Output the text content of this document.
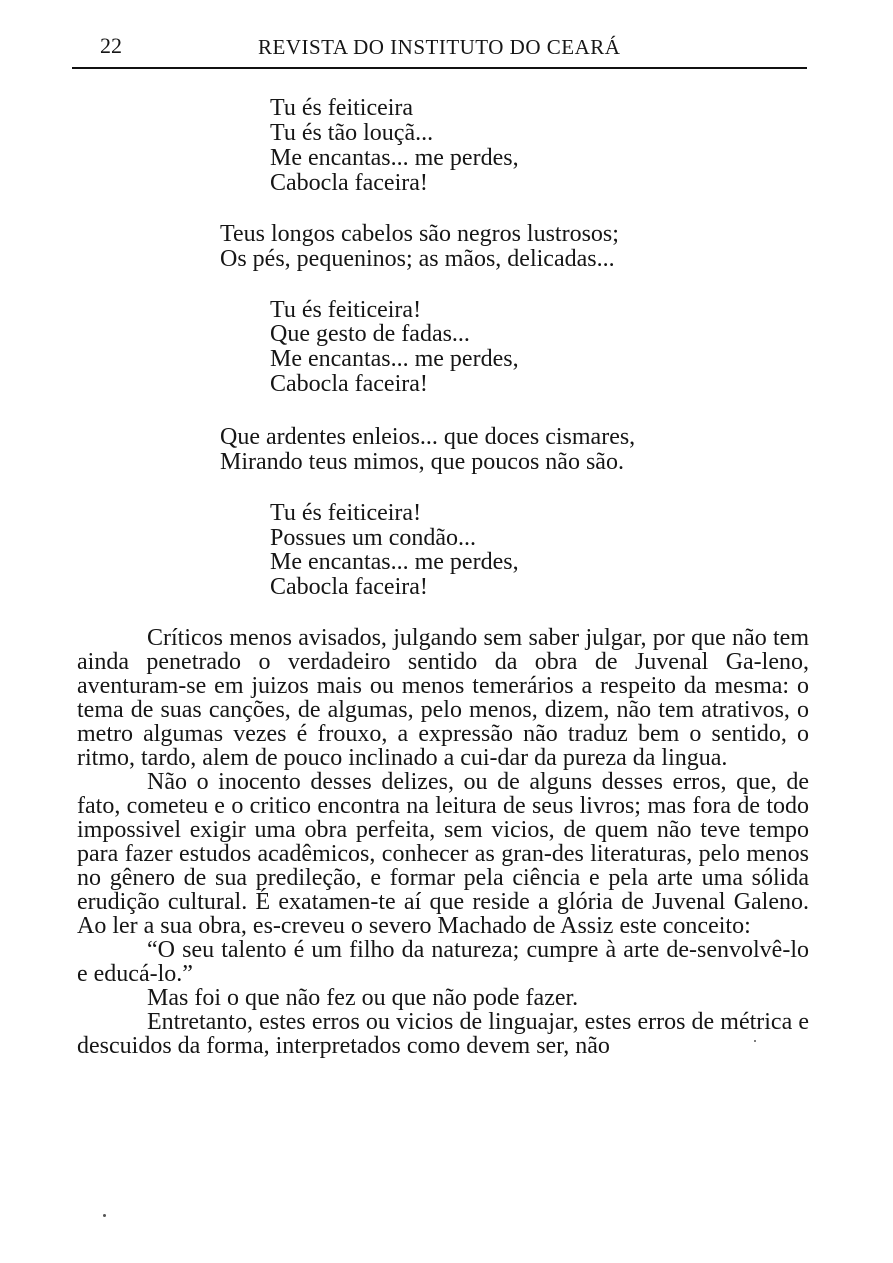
22	REVISTA DO INSTITUTO DO CEARÁ
Tu és feiticeira
Tu és tão louçã...
Me encantas... me perdes,
Cabocla faceira!
Teus longos cabelos são negros lustrosos;
Os pés, pequeninos; as mãos, delicadas...
Tu és feiticeira!
Que gesto de fadas...
Me encantas... me perdes,
Cabocla faceira!
Que ardentes enleios... que doces cismares,
Mirando teus mimos, que poucos não são.
Tu és feiticeira!
Possues um condão...
Me encantas... me perdes,
Cabocla faceira!

Críticos menos avisados, julgando sem saber julgar, por que não tem ainda penetrado o verdadeiro sentido da obra de Juvenal Ga-leno, aventuram-se em juizos mais ou menos temerários a respeito da mesma: o tema de suas canções, de algumas, pelo menos, dizem, não tem atrativos, o metro algumas vezes é frouxo, a expressão não traduz bem o sentido, o ritmo, tardo, alem de pouco inclinado a cui-dar da pureza da lingua.

Não o inocento desses delizes, ou de alguns desses erros, que, de fato, cometeu e o critico encontra na leitura de seus livros; mas fora de todo impossivel exigir uma obra perfeita, sem vicios, de quem não teve tempo para fazer estudos acadêmicos, conhecer as gran-des literaturas, pelo menos no gênero de sua predileção, e formar pela ciência e pela arte uma sólida erudição cultural. É exatamen-te aí que reside a glória de Juvenal Galeno. Ao ler a sua obra, es-creveu o severo Machado de Assiz este conceito:

“O seu talento é um filho da natureza; cumpre à arte de-senvolvê-lo e educá-lo.”

Mas foi o que não fez ou que não pode fazer.

Entretanto, estes erros ou vicios de linguajar, estes erros de métrica e descuidos da forma, interpretados como devem ser, não
